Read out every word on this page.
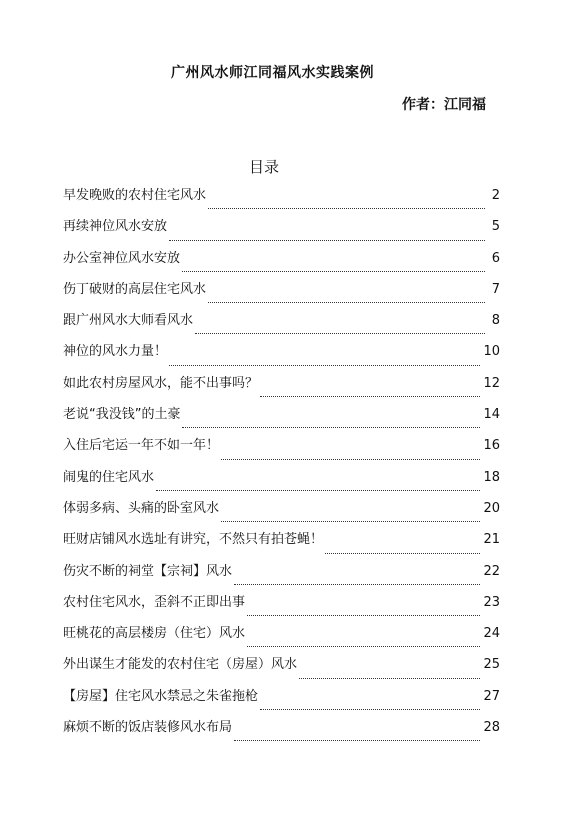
广州风水师江同福风水实践案例
作者：江同福
目录
早发晚败的农村住宅风水	2
再续神位风水安放	5
办公室神位风水安放	6
伤丁破财的高层住宅风水	7
跟广州风水大师看风水	8
神位的风水力量！	10
如此农村房屋风水，能不出事吗？	12
老说“我没钱”的土豪	14
入住后宅运一年不如一年！	16
闹鬼的住宅风水	18
体弱多病、头痛的卧室风水	20
旺财店铺风水选址有讲究，不然只有拍苍蝇！	21
伤灾不断的祠堂【宗祠】风水	22
农村住宅风水，歪斜不正即出事	23
旺桃花的高层楼房（住宅）风水	24
外出谋生才能发的农村住宅（房屋）风水	25
【房屋】住宅风水禁忌之朱雀拖枪	27
麻烦不断的饭店装修风水布局	28
